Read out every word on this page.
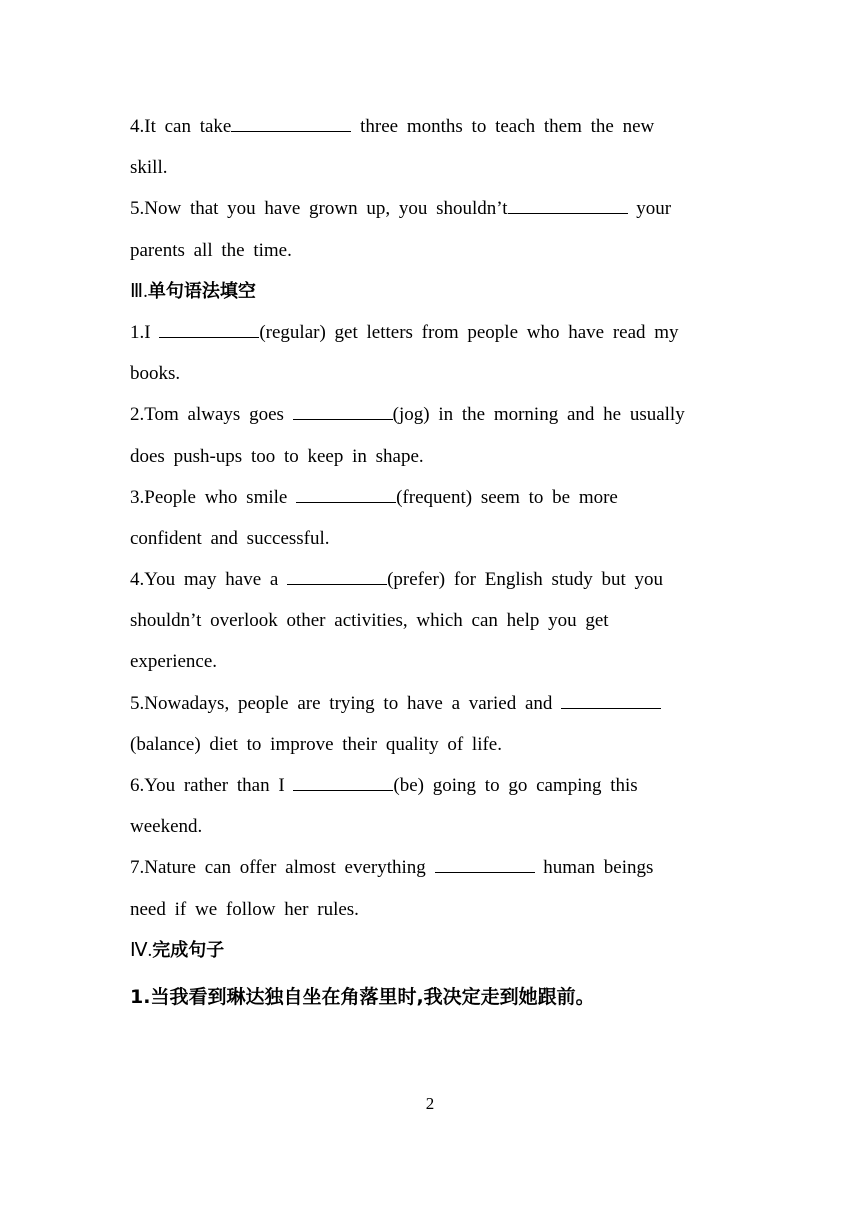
4.It can take	three months to teach them the new
skill.
5.Now that you have grown up, you shouldn’t	your
parents all the time.
Ⅲ.单句语法填空
1.I	(regular) get letters from people who have read my
books.
2.Tom always goes	(jog) in the morning and he usually
does push-ups too to keep in shape.
3.People who smile	(frequent) seem to be more
confident and successful.
4.You may have a	(prefer) for English study but you
shouldn’t overlook other activities, which can help you get
experience.
5.Nowadays, people are trying to have a varied and
(balance) diet to improve their quality of life.
6.You rather than I	(be) going to go camping this
weekend.
7.Nature can offer almost everything	human beings
need if we follow her rules.
Ⅳ.完成句子
1.当我看到琳达独自坐在角落里时,我决定走到她跟前。
2
